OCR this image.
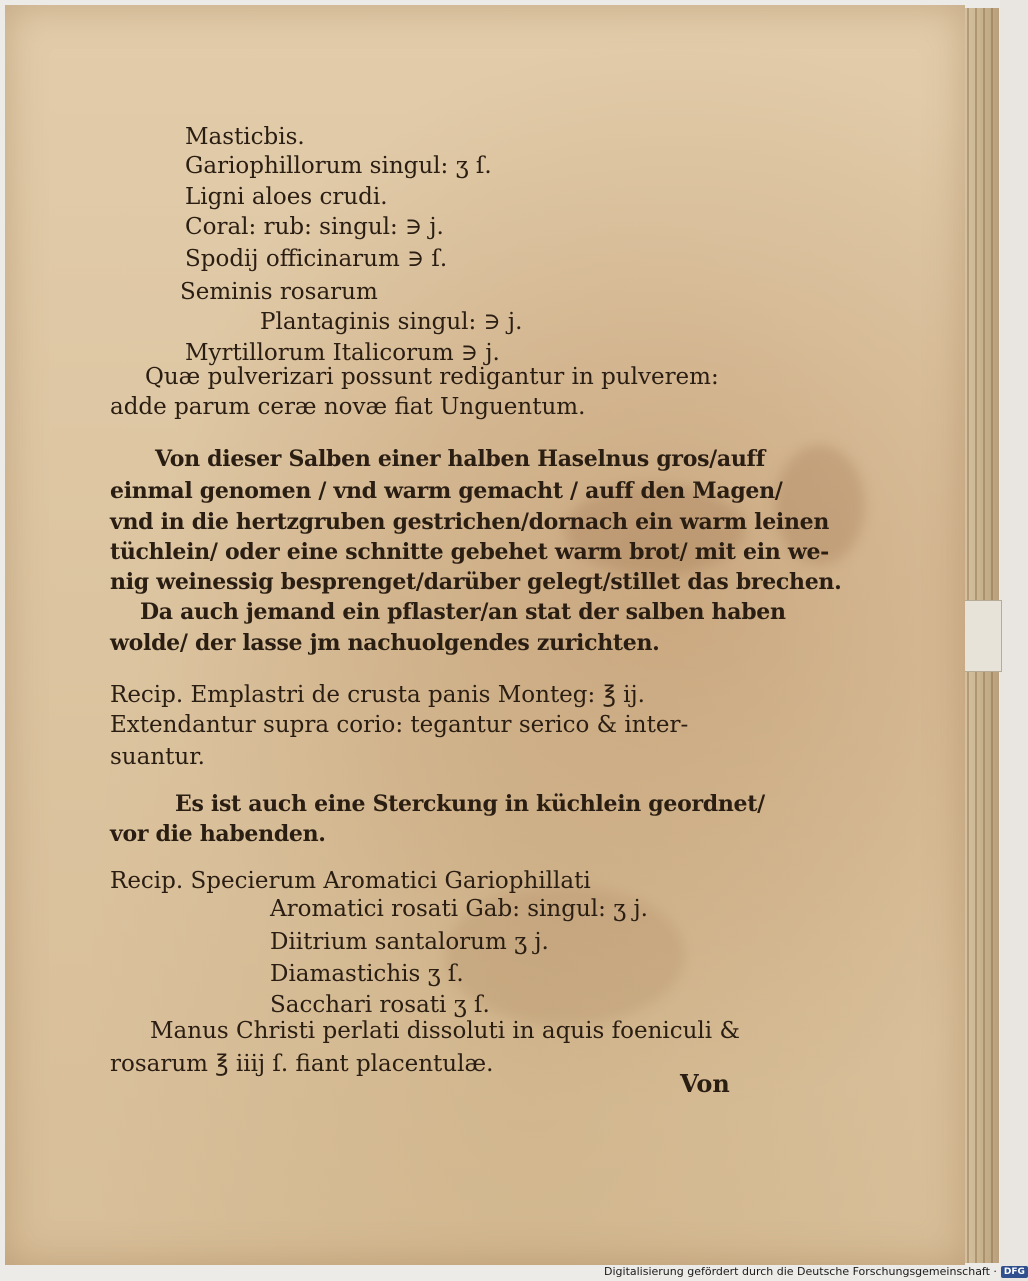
Masticbis.
Gariophillorum singul: ʒ ſ.
Ligni aloes crudi.
Coral: rub: singul: ∋ j.
Spodij officinarum ∋ ſ.
Seminis rosarum
Plantaginis singul: ∋ j.
Myrtillorum Italicorum ∋ j.
Quæ pulverizari possunt redigantur in pulverem:
adde parum ceræ novæ fiat Unguentum.
Von dieser Salben einer halben Haselnus gros/auff
einmal genomen / vnd warm gemacht / auff den Magen/
vnd in die hertzgruben gestrichen/dornach ein warm leinen
tüchlein/ oder eine schnitte gebehet warm brot/ mit ein we-
nig weinessig besprenget/darüber gelegt/stillet das brechen.
Da auch jemand ein pflaster/an stat der salben haben
wolde/ der lasse jm nachuolgendes zurichten.
Recip. Emplastri de crusta panis Monteg: ℥ ij.
Extendantur supra corio: tegantur serico & inter-
suantur.
Es ist auch eine Sterckung in küchlein geordnet/
vor die habenden.
Recip. Specierum Aromatici Gariophillati
Aromatici rosati Gab: singul: ʒ j.
Diitrium santalorum ʒ j.
Diamastichis ʒ ſ.
Sacchari rosati ʒ ſ.
Manus Christi perlati dissoluti in aquis foeniculi &
rosarum ℥ iiij ſ. fiant placentulæ.
Von
Digitalisierung gefördert durch die Deutsche Forschungsgemeinschaft · DFG
